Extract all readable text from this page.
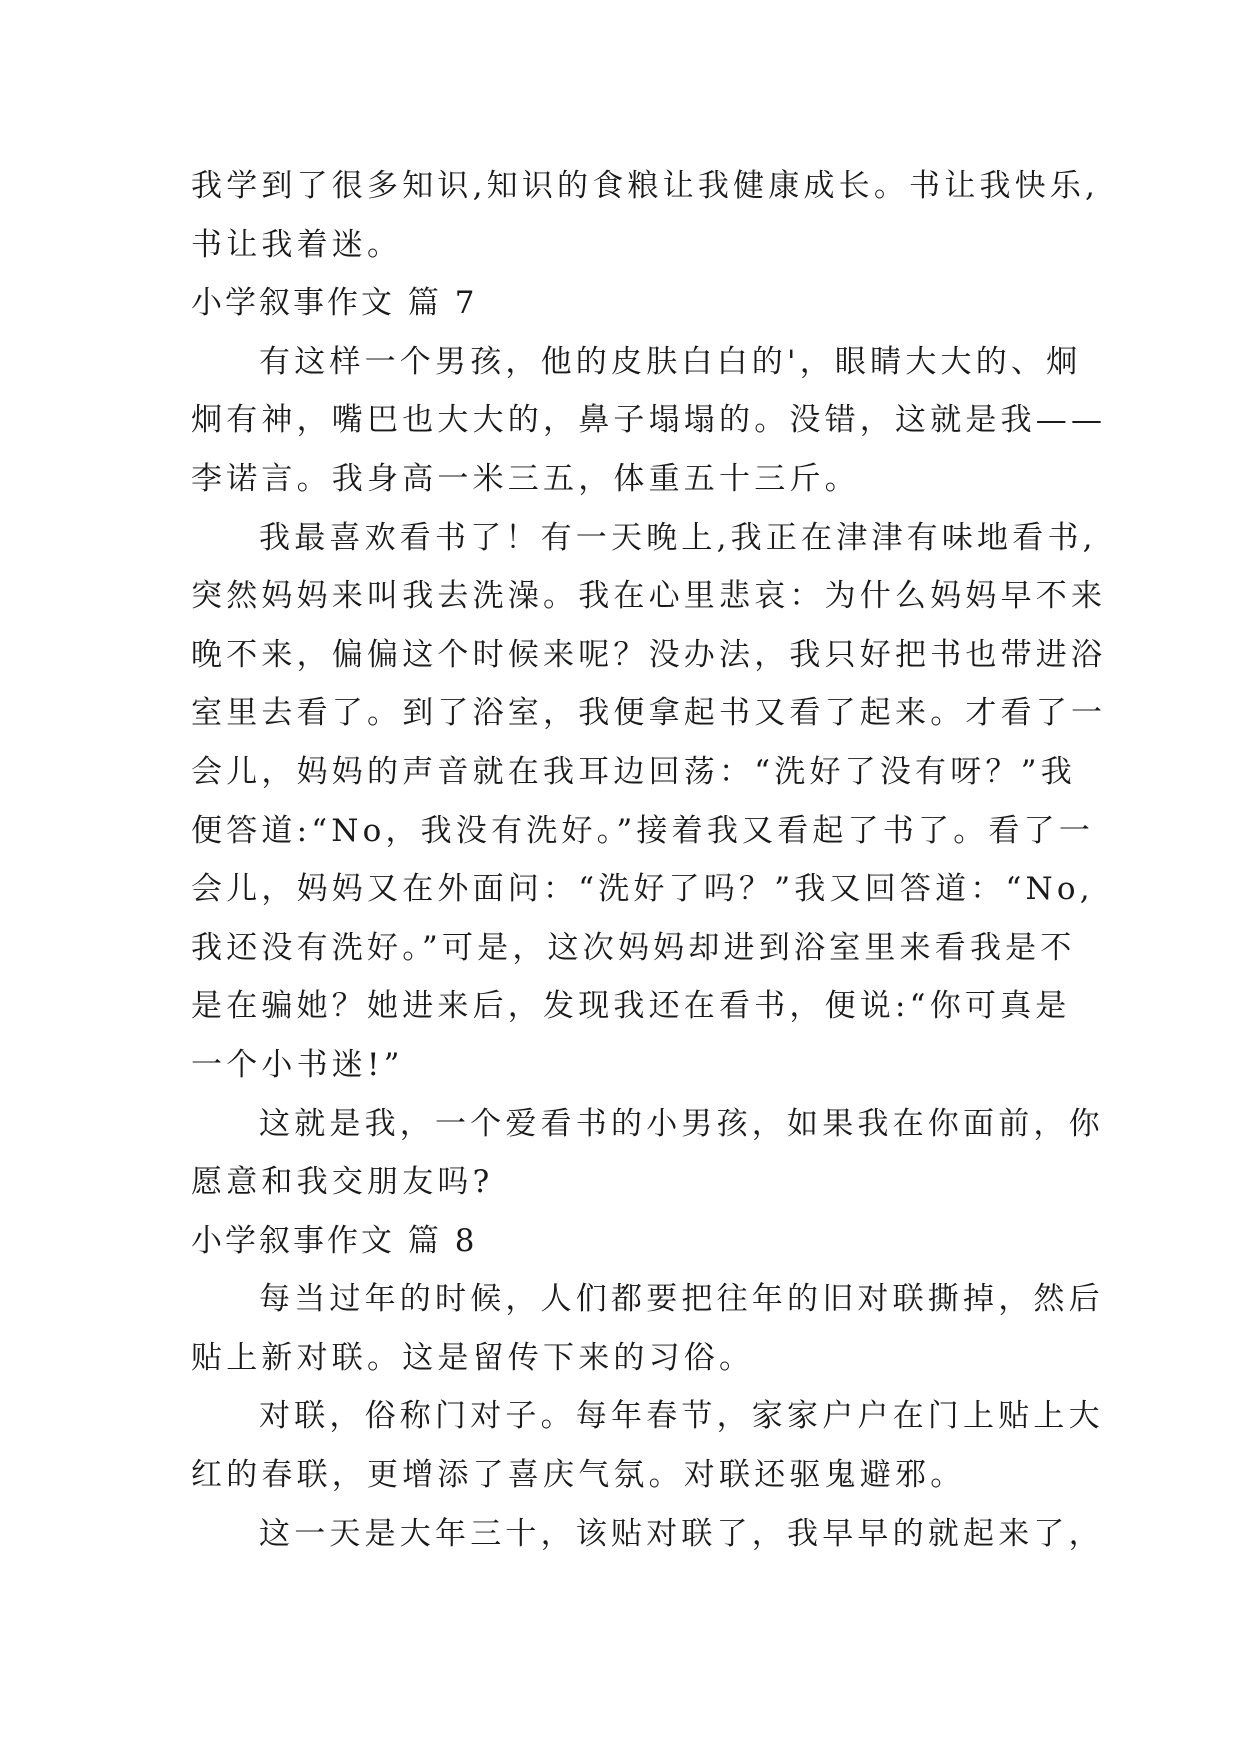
我学到了很多知识,知识的食粮让我健康成长。书让我快乐,
书让我着迷。
小学叙事作文 篇 7
有这样一个男孩，他的皮肤白白的'，眼睛大大的、炯
炯有神，嘴巴也大大的，鼻子塌塌的。没错，这就是我——
李诺言。我身高一米三五，体重五十三斤。
我最喜欢看书了！有一天晚上,我正在津津有味地看书,
突然妈妈来叫我去洗澡。我在心里悲哀：为什么妈妈早不来
晚不来，偏偏这个时候来呢？没办法，我只好把书也带进浴
室里去看了。到了浴室，我便拿起书又看了起来。才看了一
会儿，妈妈的声音就在我耳边回荡：“洗好了没有呀？”我
便答道:“No，我没有洗好。”接着我又看起了书了。看了一
会儿，妈妈又在外面问：“洗好了吗？”我又回答道：“No,
我还没有洗好。”可是，这次妈妈却进到浴室里来看我是不
是在骗她？她进来后，发现我还在看书，便说:“你可真是
一个小书迷!”
这就是我，一个爱看书的小男孩，如果我在你面前，你
愿意和我交朋友吗?
小学叙事作文 篇 8
每当过年的时候，人们都要把往年的旧对联撕掉，然后
贴上新对联。这是留传下来的习俗。
对联，俗称门对子。每年春节，家家户户在门上贴上大
红的春联，更增添了喜庆气氛。对联还驱鬼避邪。
这一天是大年三十，该贴对联了，我早早的就起来了，
